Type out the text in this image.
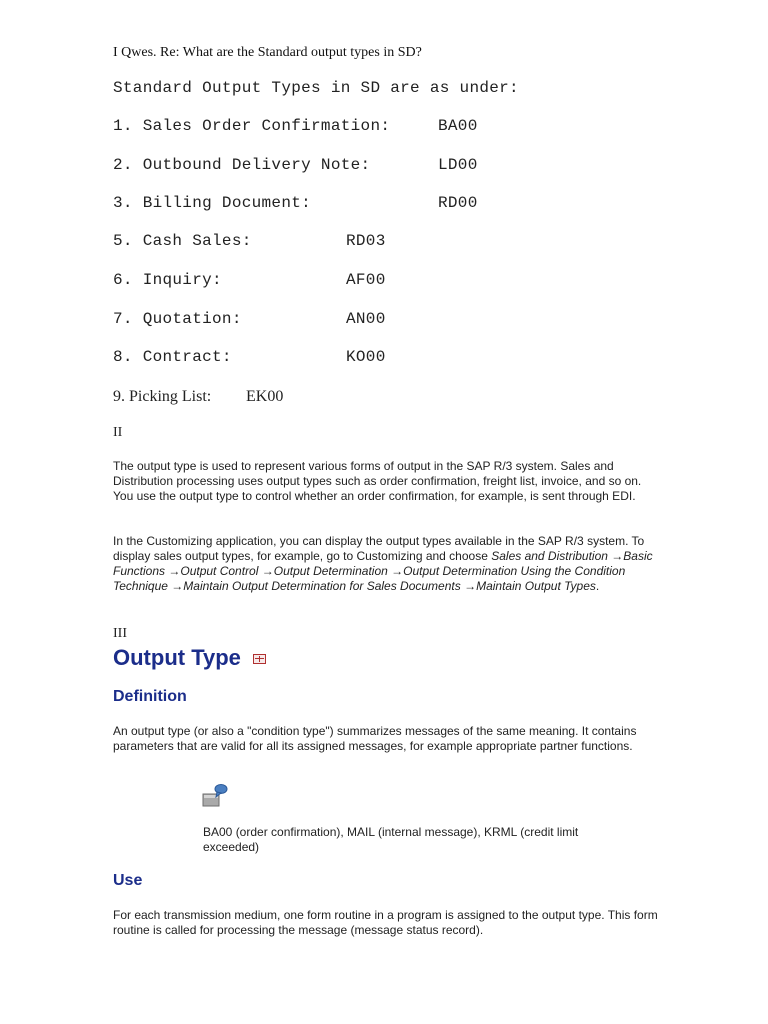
I Qwes. Re: What are the Standard output types in SD?
Standard Output Types in SD are as under:
1. Sales Order Confirmation:	BA00
2. Outbound Delivery Note:	LD00
3. Billing Document:	RD00
5. Cash Sales:	RD03
6. Inquiry:	AF00
7. Quotation:	AN00
8. Contract:	KO00
9. Picking List: EK00
II
The output type is used to represent various forms of output in the SAP R/3 system. Sales and Distribution processing uses output types such as order confirmation, freight list, invoice, and so on. You use the output type to control whether an order confirmation, for example, is sent through EDI.
In the Customizing application, you can display the output types available in the SAP R/3 system. To display sales output types, for example, go to Customizing and choose Sales and Distribution →Basic Functions →Output Control →Output Determination →Output Determination Using the Condition Technique →Maintain Output Determination for Sales Documents →Maintain Output Types.
III
Output Type
Definition
An output type (or also a "condition type") summarizes messages of the same meaning. It contains parameters that are valid for all its assigned messages, for example appropriate partner functions.
BA00 (order confirmation), MAIL (internal message), KRML (credit limit exceeded)
Use
For each transmission medium, one form routine in a program is assigned to the output type. This form routine is called for processing the message (message status record).
